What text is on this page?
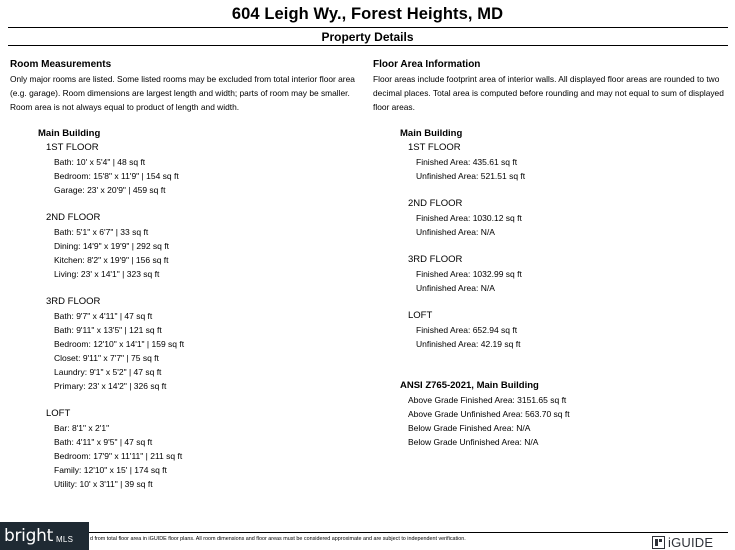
604 Leigh Wy., Forest Heights, MD
Property Details

Room Measurements

Only major rooms are listed. Some listed rooms may be excluded from total interior floor area

(e.g. garage). Room dimensions are largest length and width; parts of room may be smaller.

Room area is not always equal to product of length and width.

Main Building
1ST FLOOR
Bath: 10' x 5'4" | 48 sq ft
Bedroom: 15'8" x 11'9" | 154 sq ft
Garage: 23' x 20'9" | 459 sq ft
2ND FLOOR
Bath: 5'1" x 6'7" | 33 sq ft
Dining: 14'9" x 19'9" | 292 sq ft
Kitchen: 8'2" x 19'9" | 156 sq ft
Living: 23' x 14'1" | 323 sq ft
3RD FLOOR
Bath: 9'7" x 4'11" | 47 sq ft
Bath: 9'11" x 13'5" | 121 sq ft
Bedroom: 12'10" x 14'1" | 159 sq ft
Closet: 9'11" x 7'7" | 75 sq ft
Laundry: 9'1" x 5'2" | 47 sq ft
Primary: 23' x 14'2" | 326 sq ft
LOFT
Bar: 8'1" x 2'1"
Bath: 4'11" x 9'5" | 47 sq ft
Bedroom: 17'9" x 11'11" | 211 sq ft
Family: 12'10" x 15' | 174 sq ft
Utility: 10' x 3'11" | 39 sq ft

Floor Area Information

Floor areas include footprint area of interior walls. All displayed floor areas are rounded to two

decimal places. Total area is computed before rounding and may not equal to sum of displayed

floor areas.

Main Building
1ST FLOOR
Finished Area: 435.61 sq ft
Unfinished Area: 521.51 sq ft
2ND FLOOR
Finished Area: 1030.12 sq ft
Unfinished Area: N/A
3RD FLOOR
Finished Area: 1032.99 sq ft
Unfinished Area: N/A
LOFT
Finished Area: 652.94 sq ft
Unfinished Area: 42.19 sq ft
ANSI Z765-2021, Main Building
Above Grade Finished Area: 3151.65 sq ft
Above Grade Unfinished Area: 563.70 sq ft
Below Grade Finished Area: N/A
Below Grade Unfinished Area: N/A
d from total floor area in iGUIDE floor plans. All room dimensions and floor areas must be considered approximate and are subject to independent verification.
bright MLS	iGUIDE
